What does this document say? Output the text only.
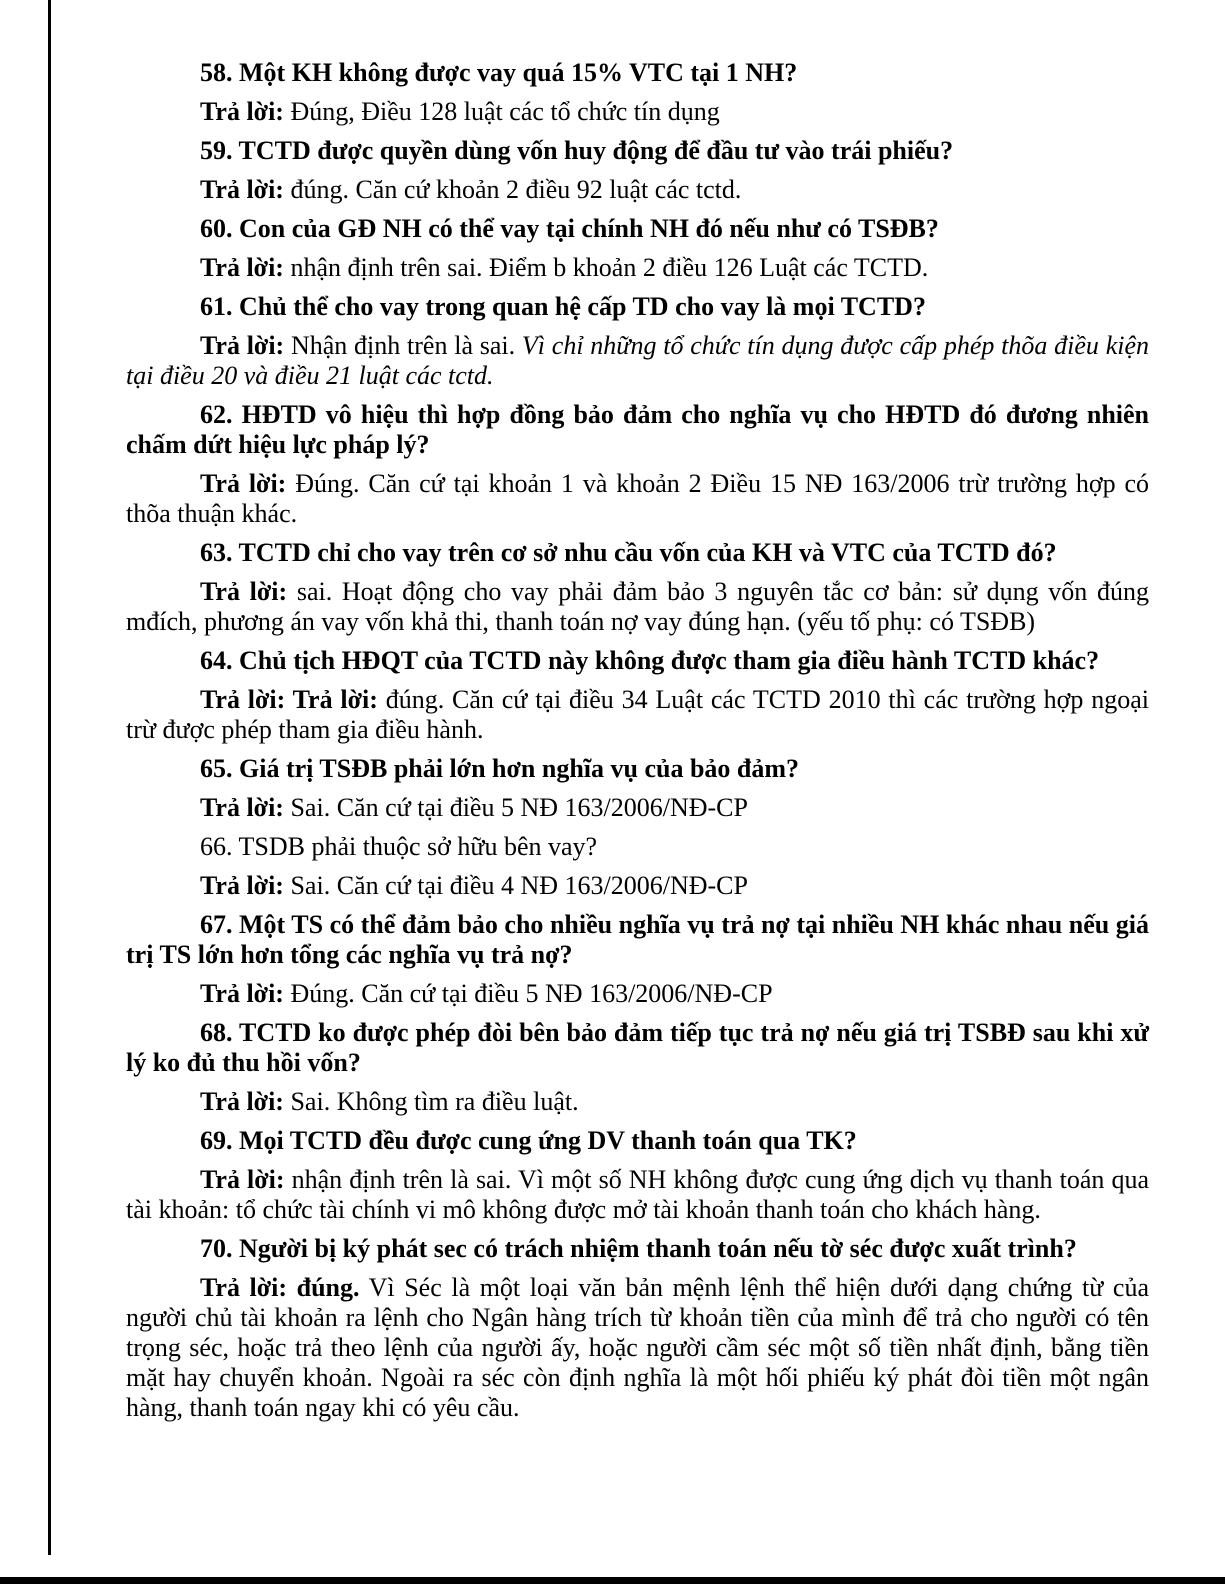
58. Một KH không được vay quá 15% VTC tại 1 NH?

Trả lời: Đúng, Điều 128 luật các tổ chức tín dụng

59. TCTD được quyền dùng vốn huy động để đầu tư vào trái phiếu?

Trả lời: đúng. Căn cứ khoản 2 điều 92 luật các tctd.

60. Con của GĐ NH có thể vay tại chính NH đó nếu như có TSĐB?

Trả lời: nhận định trên sai. Điểm b khoản 2 điều 126 Luật các TCTD.

61. Chủ thể cho vay trong quan hệ cấp TD cho vay là mọi TCTD?

Trả lời: Nhận định trên là sai. Vì chỉ những tổ chức tín dụng được cấp phép thõa điều kiện tại điều 20 và điều 21 luật các tctd.

62. HĐTD vô hiệu thì hợp đồng bảo đảm cho nghĩa vụ cho HĐTD đó đương nhiên chấm dứt hiệu lực pháp lý?

Trả lời: Đúng. Căn cứ tại khoản 1 và khoản 2 Điều 15 NĐ 163/2006 trừ trường hợp có thõa thuận khác.

63. TCTD chỉ cho vay trên cơ sở nhu cầu vốn của KH và VTC của TCTD đó?

Trả lời: sai. Hoạt động cho vay phải đảm bảo 3 nguyên tắc cơ bản: sử dụng vốn đúng mđích, phương án vay vốn khả thi, thanh toán nợ vay đúng hạn. (yếu tố phụ: có TSĐB)

64. Chủ tịch HĐQT của TCTD này không được tham gia điều hành TCTD khác?

Trả lời: Trả lời: đúng. Căn cứ tại điều 34 Luật các TCTD 2010 thì các trường hợp ngoại trừ được phép tham gia điều hành.

65. Giá trị TSĐB phải lớn hơn nghĩa vụ của bảo đảm?

Trả lời: Sai. Căn cứ tại điều 5 NĐ 163/2006/NĐ-CP

66. TSDB phải thuộc sở hữu bên vay?

Trả lời: Sai. Căn cứ tại điều 4 NĐ 163/2006/NĐ-CP

67. Một TS có thể đảm bảo cho nhiều nghĩa vụ trả nợ tại nhiều NH khác nhau nếu giá trị TS lớn hơn tổng các nghĩa vụ trả nợ?

Trả lời: Đúng. Căn cứ tại điều 5 NĐ 163/2006/NĐ-CP

68. TCTD ko được phép đòi bên bảo đảm tiếp tục trả nợ nếu giá trị TSBĐ sau khi xử lý ko đủ thu hồi vốn?

Trả lời: Sai. Không tìm ra điều luật.

69. Mọi TCTD đều được cung ứng DV thanh toán qua TK?

Trả lời: nhận định trên là sai. Vì một số NH không được cung ứng dịch vụ thanh toán qua tài khoản: tổ chức tài chính vi mô không được mở tài khoản thanh toán cho khách hàng.

70. Người bị ký phát sec có trách nhiệm thanh toán nếu tờ séc được xuất trình?

Trả lời: đúng. Vì Séc là một loại văn bản mệnh lệnh thể hiện dưới dạng chứng từ của người chủ tài khoản ra lệnh cho Ngân hàng trích từ khoản tiền của mình để trả cho người có tên trọng séc, hoặc trả theo lệnh của người ấy, hoặc người cầm séc một số tiền nhất định, bằng tiền mặt hay chuyển khoản. Ngoài ra séc còn định nghĩa là một hối phiếu ký phát đòi tiền một ngân hàng, thanh toán ngay khi có yêu cầu.
